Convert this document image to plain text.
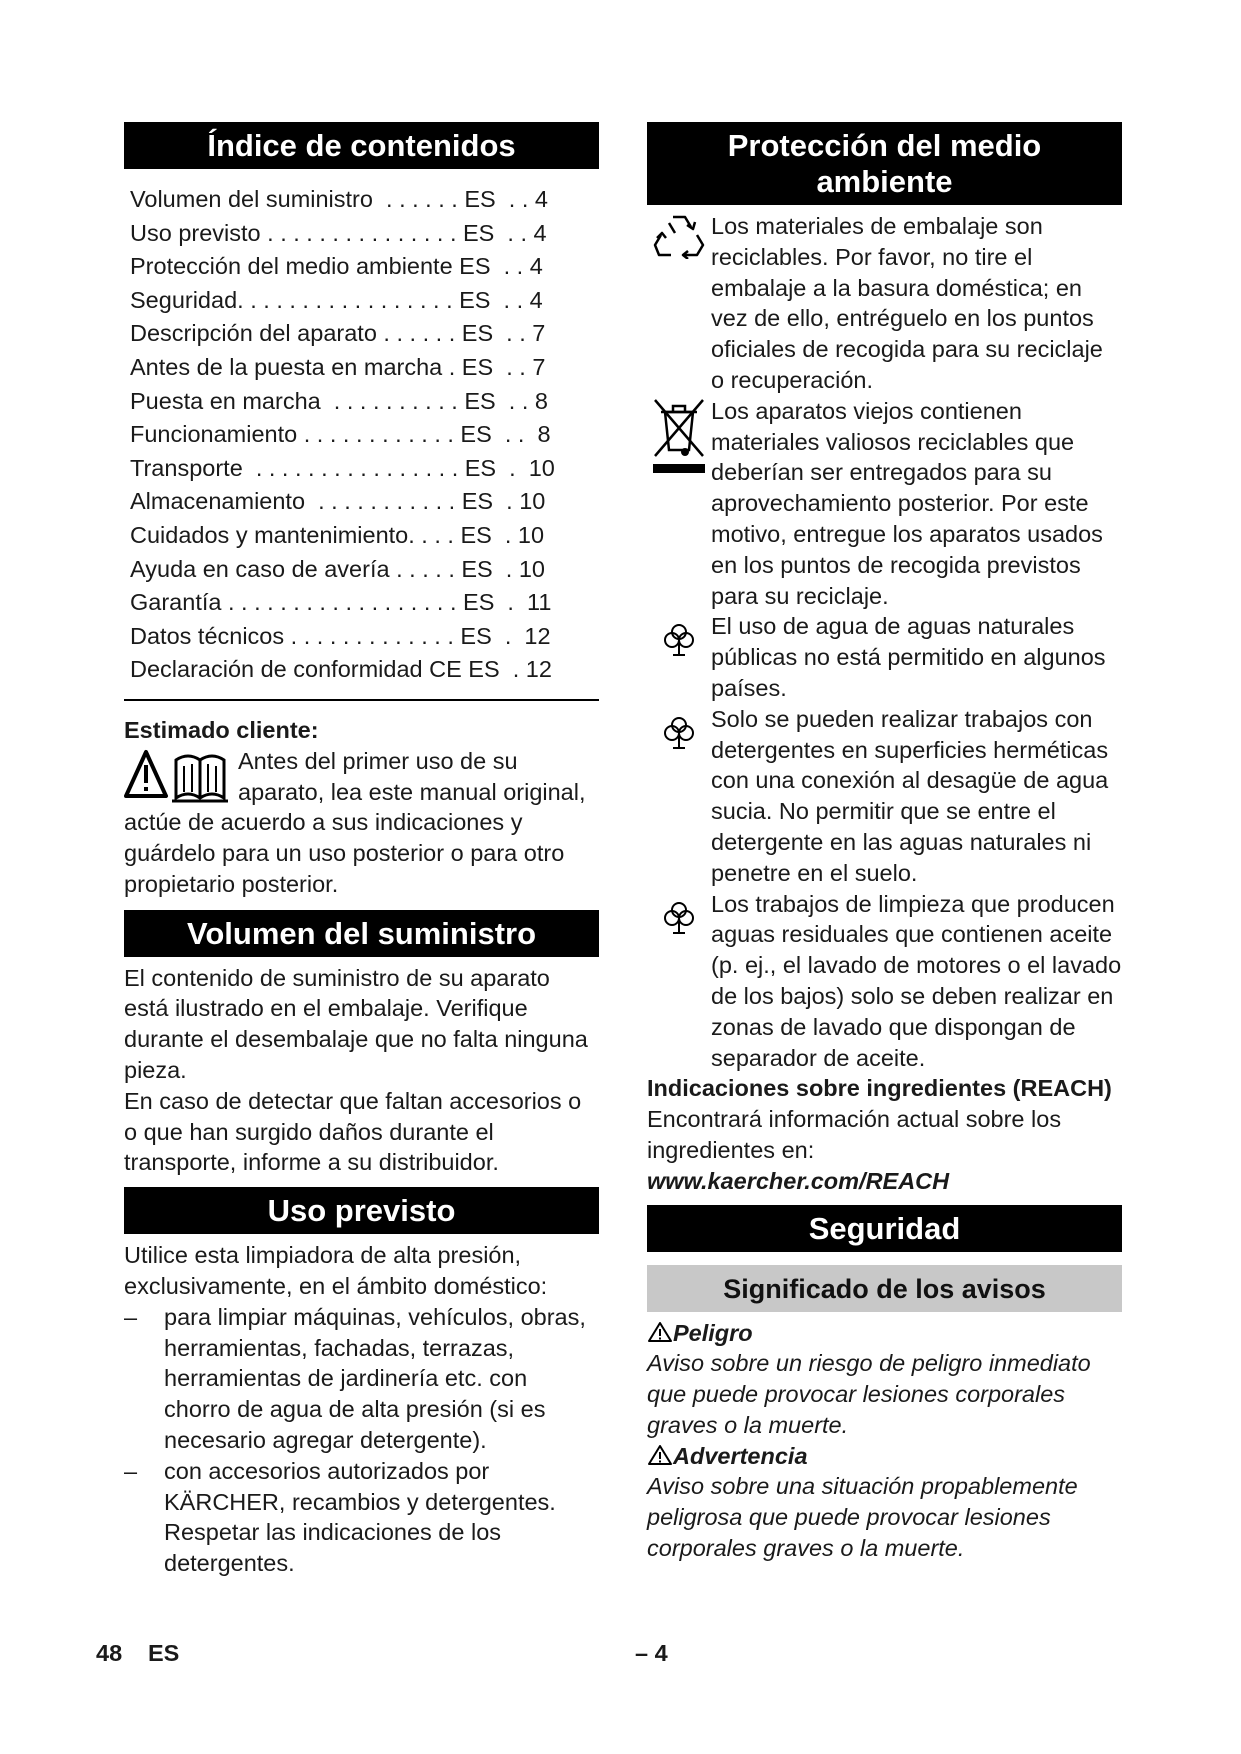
Índice de contenidos
Volumen del suministro  . . . . . . ES  . . 4
Uso previsto . . . . . . . . . . . . . . . ES  . . 4
Protección del medio ambiente ES  . . 4
Seguridad. . . . . . . . . . . . . . . . . ES  . . 4
Descripción del aparato . . . . . . ES  . . 7
Antes de la puesta en marcha . ES  . . 7
Puesta en marcha  . . . . . . . . . . ES  . . 8
Funcionamiento . . . . . . . . . . . . ES  . .  8
Transporte  . . . . . . . . . . . . . . . . ES  .  10
Almacenamiento  . . . . . . . . . . . ES  . 10
Cuidados y mantenimiento. . . . ES  . 10
Ayuda en caso de avería . . . . . ES  . 10
Garantía . . . . . . . . . . . . . . . . . . ES  .  11
Datos técnicos . . . . . . . . . . . . . ES  .  12
Declaración de conformidad CE ES  . 12

Estimado cliente:

Antes del primer uso de su aparato, lea este manual original, actúe de acuerdo a sus indicaciones y guárdelo para un uso posterior o para otro propietario posterior.

Volumen del suministro

El contenido de suministro de su aparato está ilustrado en el embalaje. Verifique durante el desembalaje que no falta ninguna pieza.

En caso de detectar que faltan accesorios o o que han surgido daños durante el transporte, informe a su distribuidor.

Uso previsto

Utilice esta limpiadora de alta presión, exclusivamente, en el ámbito doméstico:

– para limpiar máquinas, vehículos, obras, herramientas, fachadas, terrazas, herramientas de jardinería etc. con chorro de agua de alta presión (si es necesario agregar detergente).
– con accesorios autorizados por KÄRCHER, recambios y detergentes. Respetar las indicaciones de los detergentes.
Protección del medio
ambiente
Los materiales de embalaje son reciclables. Por favor, no tire el embalaje a la basura doméstica; en vez de ello, entréguelo en los puntos oficiales de recogida para su reciclaje o recuperación.
Los aparatos viejos contienen materiales valiosos reciclables que deberían ser entregados para su aprovechamiento posterior. Por este motivo, entregue los aparatos usados en los puntos de recogida previstos para su reciclaje.
El uso de agua de aguas naturales públicas no está permitido en algunos países.
Solo se pueden realizar trabajos con detergentes en superficies herméticas con una conexión al desagüe de agua sucia. No permitir que se entre el detergente en las aguas naturales ni penetre en el suelo.
Los trabajos de limpieza que producen aguas residuales que contienen aceite (p. ej., el lavado de motores o el lavado de los bajos) solo se deben realizar en zonas de lavado que dispongan de separador de aceite.

Indicaciones sobre ingredientes (REACH)

Encontrará información actual sobre los ingredientes en:

www.kaercher.com/REACH

Seguridad
Significado de los avisos
Peligro

Aviso sobre un riesgo de peligro inmediato que puede provocar lesiones corporales graves o la muerte.

Advertencia

Aviso sobre una situación propablemente peligrosa que puede provocar lesiones corporales graves o la muerte.

48 ES	– 4
